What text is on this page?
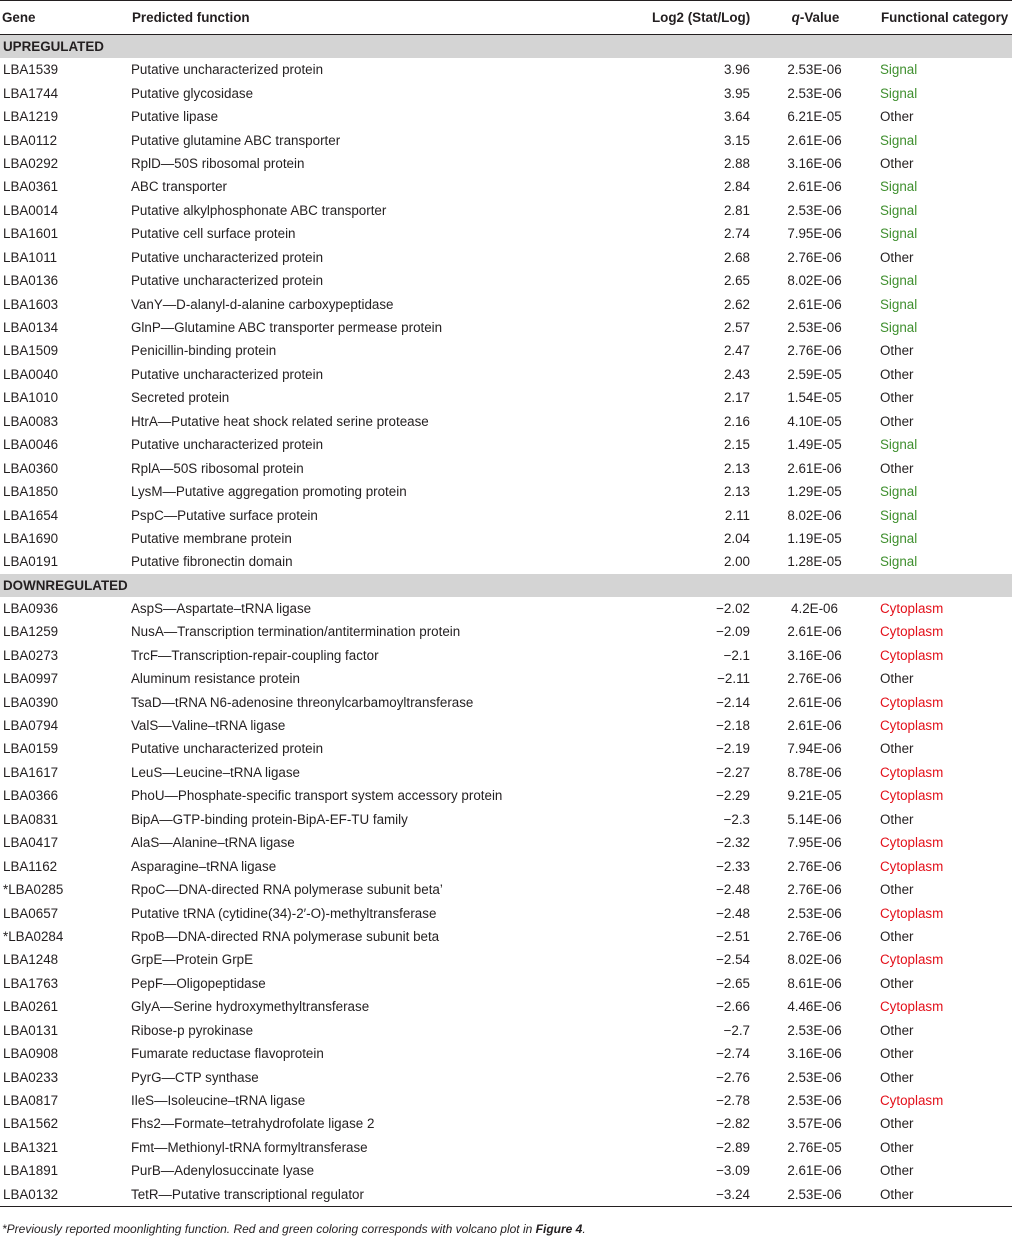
Gene	Predicted function	Log2 (Stat/Log)	q-Value	Functional category
UPREGULATED				
LBA1539	Putative uncharacterized protein	3.96	2.53E-06	Signal
LBA1744	Putative glycosidase	3.95	2.53E-06	Signal
LBA1219	Putative lipase	3.64	6.21E-05	Other
LBA0112	Putative glutamine ABC transporter	3.15	2.61E-06	Signal
LBA0292	RplD—50S ribosomal protein	2.88	3.16E-06	Other
LBA0361	ABC transporter	2.84	2.61E-06	Signal
LBA0014	Putative alkylphosphonate ABC transporter	2.81	2.53E-06	Signal
LBA1601	Putative cell surface protein	2.74	7.95E-06	Signal
LBA1011	Putative uncharacterized protein	2.68	2.76E-06	Other
LBA0136	Putative uncharacterized protein	2.65	8.02E-06	Signal
LBA1603	VanY—D-alanyl-d-alanine carboxypeptidase	2.62	2.61E-06	Signal
LBA0134	GlnP—Glutamine ABC transporter permease protein	2.57	2.53E-06	Signal
LBA1509	Penicillin-binding protein	2.47	2.76E-06	Other
LBA0040	Putative uncharacterized protein	2.43	2.59E-05	Other
LBA1010	Secreted protein	2.17	1.54E-05	Other
LBA0083	HtrA—Putative heat shock related serine protease	2.16	4.10E-05	Other
LBA0046	Putative uncharacterized protein	2.15	1.49E-05	Signal
LBA0360	RplA—50S ribosomal protein	2.13	2.61E-06	Other
LBA1850	LysM—Putative aggregation promoting protein	2.13	1.29E-05	Signal
LBA1654	PspC—Putative surface protein	2.11	8.02E-06	Signal
LBA1690	Putative membrane protein	2.04	1.19E-05	Signal
LBA0191	Putative fibronectin domain	2.00	1.28E-05	Signal
DOWNREGULATED				
LBA0936	AspS—Aspartate–tRNA ligase	−2.02	4.2E-06	Cytoplasm
LBA1259	NusA—Transcription termination/antitermination protein	−2.09	2.61E-06	Cytoplasm
LBA0273	TrcF—Transcription-repair-coupling factor	−2.1	3.16E-06	Cytoplasm
LBA0997	Aluminum resistance protein	−2.11	2.76E-06	Other
LBA0390	TsaD—tRNA N6-adenosine threonylcarbamoyltransferase	−2.14	2.61E-06	Cytoplasm
LBA0794	ValS—Valine–tRNA ligase	−2.18	2.61E-06	Cytoplasm
LBA0159	Putative uncharacterized protein	−2.19	7.94E-06	Other
LBA1617	LeuS—Leucine–tRNA ligase	−2.27	8.78E-06	Cytoplasm
LBA0366	PhoU—Phosphate-specific transport system accessory protein	−2.29	9.21E-05	Cytoplasm
LBA0831	BipA—GTP-binding protein-BipA-EF-TU family	−2.3	5.14E-06	Other
LBA0417	AlaS—Alanine–tRNA ligase	−2.32	7.95E-06	Cytoplasm
LBA1162	Asparagine–tRNA ligase	−2.33	2.76E-06	Cytoplasm
*LBA0285	RpoC—DNA-directed RNA polymerase subunit beta’	−2.48	2.76E-06	Other
LBA0657	Putative tRNA (cytidine(34)-2′-O)-methyltransferase	−2.48	2.53E-06	Cytoplasm
*LBA0284	RpoB—DNA-directed RNA polymerase subunit beta	−2.51	2.76E-06	Other
LBA1248	GrpE—Protein GrpE	−2.54	8.02E-06	Cytoplasm
LBA1763	PepF—Oligopeptidase	−2.65	8.61E-06	Other
LBA0261	GlyA—Serine hydroxymethyltransferase	−2.66	4.46E-06	Cytoplasm
LBA0131	Ribose-p pyrokinase	−2.7	2.53E-06	Other
LBA0908	Fumarate reductase flavoprotein	−2.74	3.16E-06	Other
LBA0233	PyrG—CTP synthase	−2.76	2.53E-06	Other
LBA0817	IleS—Isoleucine–tRNA ligase	−2.78	2.53E-06	Cytoplasm
LBA1562	Fhs2—Formate–tetrahydrofolate ligase 2	−2.82	3.57E-06	Other
LBA1321	Fmt—Methionyl-tRNA formyltransferase	−2.89	2.76E-05	Other
LBA1891	PurB—Adenylosuccinate lyase	−3.09	2.61E-06	Other
LBA0132	TetR—Putative transcriptional regulator	−3.24	2.53E-06	Other
*Previously reported moonlighting function. Red and green coloring corresponds with volcano plot in Figure 4.
